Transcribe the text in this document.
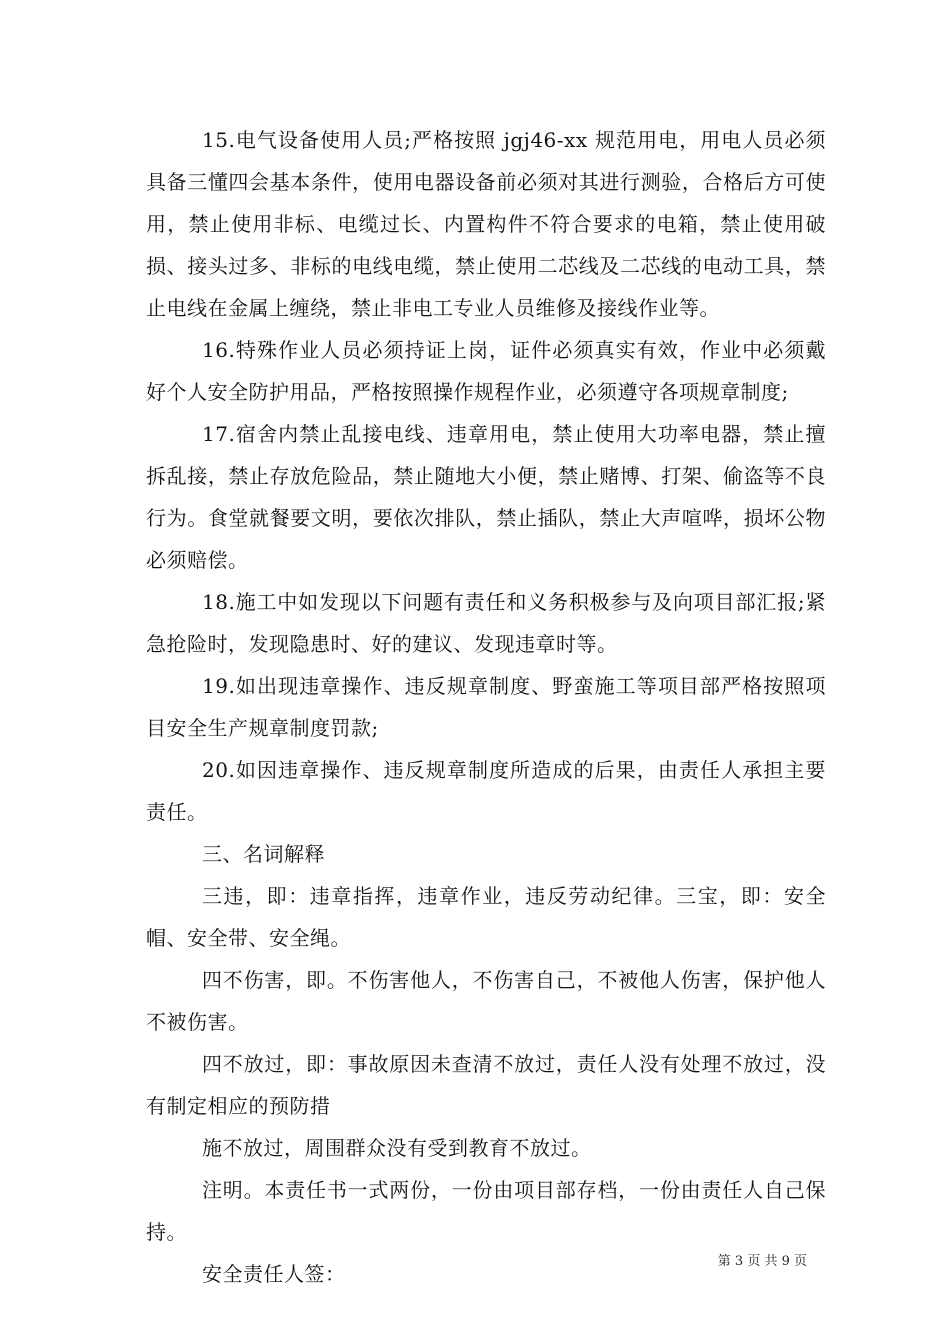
15.电气设备使用人员;严格按照 jgj46-xx 规范用电，用电人员必须具备三懂四会基本条件，使用电器设备前必须对其进行测验，合格后方可使用，禁止使用非标、电缆过长、内置构件不符合要求的电箱，禁止使用破损、接头过多、非标的电线电缆，禁止使用二芯线及二芯线的电动工具，禁止电线在金属上缠绕，禁止非电工专业人员维修及接线作业等。

16.特殊作业人员必须持证上岗，证件必须真实有效，作业中必须戴好个人安全防护用品，严格按照操作规程作业，必须遵守各项规章制度;

17.宿舍内禁止乱接电线、违章用电，禁止使用大功率电器，禁止擅拆乱接，禁止存放危险品，禁止随地大小便，禁止赌博、打架、偷盗等不良行为。食堂就餐要文明，要依次排队，禁止插队，禁止大声喧哗，损坏公物必须赔偿。

18.施工中如发现以下问题有责任和义务积极参与及向项目部汇报;紧急抢险时，发现隐患时、好的建议、发现违章时等。

19.如出现违章操作、违反规章制度、野蛮施工等项目部严格按照项目安全生产规章制度罚款;

20.如因违章操作、违反规章制度所造成的后果，由责任人承担主要责任。

三、名词解释

三违，即：违章指挥，违章作业，违反劳动纪律。三宝，即：安全帽、安全带、安全绳。

四不伤害，即。不伤害他人，不伤害自己，不被他人伤害，保护他人不被伤害。

四不放过，即：事故原因未查清不放过，责任人没有处理不放过，没有制定相应的预防措

施不放过，周围群众没有受到教育不放过。

注明。本责任书一式两份，一份由项目部存档，一份由责任人自己保持。

安全责任人签：

第 3 页 共 9 页
